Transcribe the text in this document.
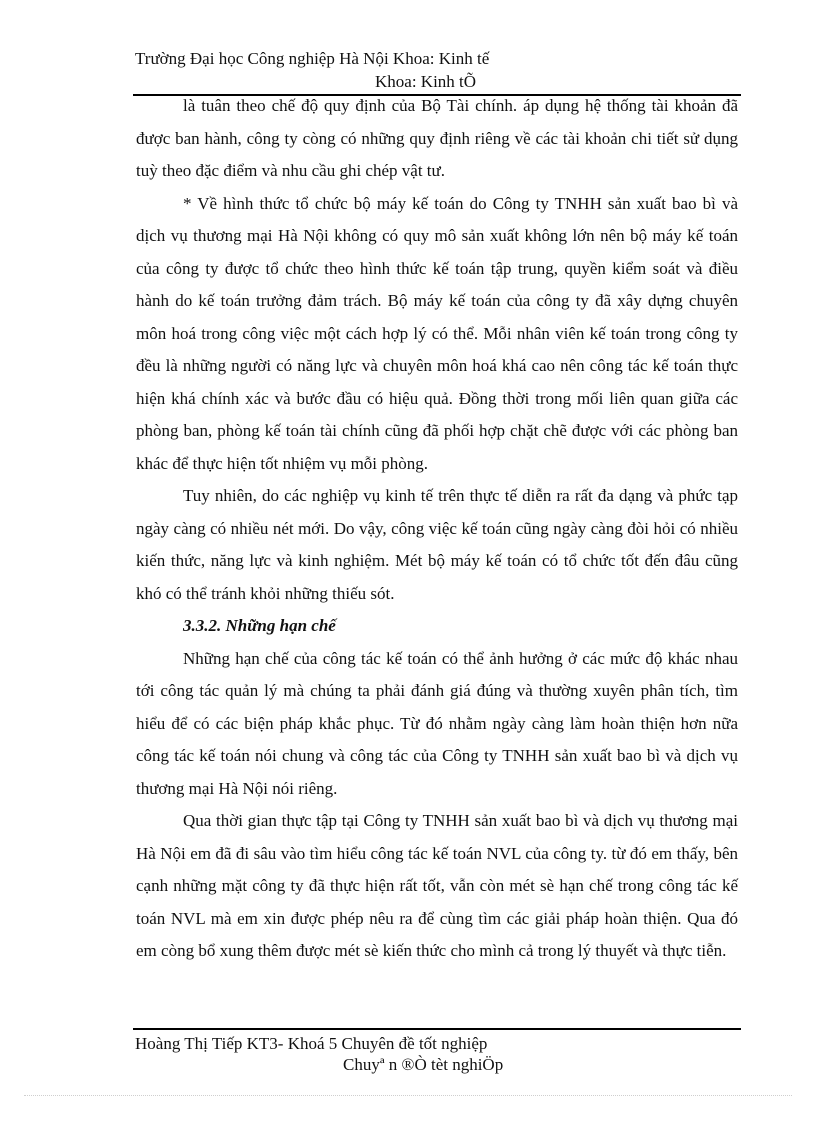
Trường Đại học Công nghiệp Hà Nội Khoa: Kinh tế
Khoa: Kinh tÕ

là tuân theo chế độ quy định của Bộ Tài chính. áp dụng hệ thống tài khoản đã được ban hành, công ty còng có những quy định riêng về các tài khoản chi tiết sử dụng tuỳ theo đặc điểm và nhu cầu ghi chép vật tư.

* Về hình thức tổ chức bộ máy kế toán do Công ty TNHH sản xuất bao bì và dịch vụ thương mại Hà Nội không có quy mô sản xuất không lớn nên bộ máy kế toán của công ty được tổ chức theo hình thức kế toán tập trung, quyền kiểm soát và điều hành do kế toán trưởng đảm trách. Bộ máy kế toán của công ty đã xây dựng chuyên môn hoá trong công việc một cách hợp lý có thể. Mỗi nhân viên kế toán trong công ty đều là những người có năng lực và chuyên môn hoá khá cao nên công tác kế toán thực hiện khá chính xác và bước đầu có hiệu quả. Đồng thời trong mối liên quan giữa các phòng ban, phòng kế toán tài chính cũng đã phối hợp chặt chẽ được với các phòng ban khác để thực hiện tốt nhiệm vụ mỗi phòng.

Tuy nhiên, do các nghiệp vụ kinh tế trên thực tế diễn ra rất đa dạng và phức tạp ngày càng có nhiều nét mới. Do vậy, công việc kế toán cũng ngày càng đòi hỏi có nhiều kiến thức, năng lực và kinh nghiệm. Mét bộ máy kế toán có tổ chức tốt đến đâu cũng khó có thể tránh khỏi những thiếu sót.

3.3.2. Những hạn chế

Những hạn chế của công tác kế toán có thể ảnh hưởng ở các mức độ khác nhau tới công tác quản lý mà chúng ta phải đánh giá đúng và thường xuyên phân tích, tìm hiểu để có các biện pháp khắc phục. Từ đó nhằm ngày càng làm hoàn thiện hơn nữa công tác kế toán nói chung và công tác của Công ty TNHH sản xuất bao bì và dịch vụ thương mại Hà Nội nói riêng.

Qua thời gian thực tập tại Công ty TNHH sản xuất bao bì và dịch vụ thương mại Hà Nội em đã đi sâu vào tìm hiểu công tác kế toán NVL của công ty. từ đó em thấy, bên cạnh những mặt công ty đã thực hiện rất tốt, vẫn còn mét sè hạn chế trong công tác kế toán NVL mà em xin được phép nêu ra để cùng tìm các giải pháp hoàn thiện. Qua đó em còng bổ xung thêm được mét sè kiến thức cho mình cả trong lý thuyết và thực tiễn.

Hoàng Thị Tiếp KT3- Khoá 5 Chuyên đề tốt nghiệp
Chuyª n ®Ò tèt nghiÖp
